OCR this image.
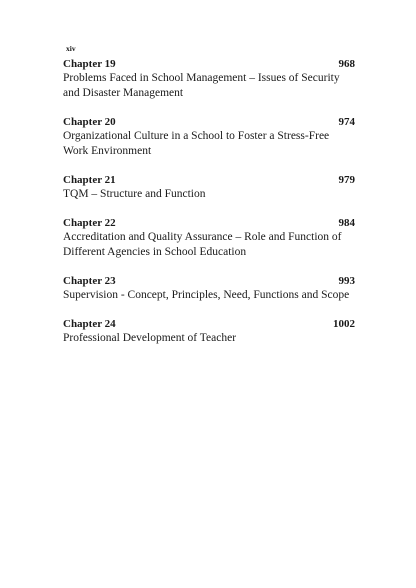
xiv
Chapter 19	968
Problems Faced in School Management – Issues of Security
and Disaster Management
Chapter 20	974
Organizational Culture in a School to Foster a Stress-Free
Work Environment
Chapter 21	979
TQM – Structure and Function
Chapter 22	984
Accreditation and Quality Assurance – Role and Function of
Different Agencies in School Education
Chapter 23	993
Supervision - Concept, Principles, Need, Functions and Scope
Chapter 24	1002
Professional Development of Teacher
